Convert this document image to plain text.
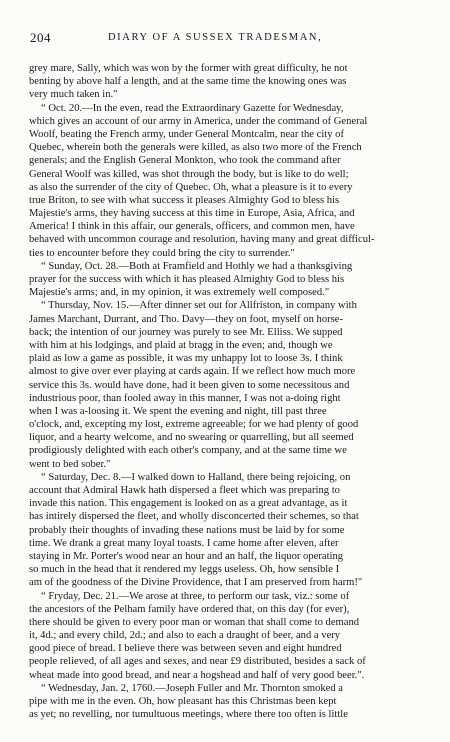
204	DIARY OF A SUSSEX TRADESMAN,
grey mare, Sally, which was won by the former with great difficulty, he not
benting by above half a length, and at the same time the knowing ones was
very much taken in."
“ Oct. 20.—In the even, read the Extraordinary Gazette for Wednesday,
which gives an account of our army in America, under the command of General
Woolf, beating the French army, under General Montcalm, near the city of
Quebec, wherein both the generals were killed, as also two more of the French
generals; and the English General Monkton, who took the command after
General Woolf was killed, was shot through the body, but is like to do well;
as also the surrender of the city of Quebec. Oh, what a pleasure is it to every
true Briton, to see with what success it pleases Almighty God to bless his
Majestie's arms, they having success at this time in Europe, Asia, Africa, and
America! I think in this affair, our generals, officers, and common men, have
behaved with uncommon courage and resolution, having many and great difficul-
ties to encounter before they could bring the city to surrender."
“ Sunday, Oct. 28.—Both at Framfield and Hothly we had a thanksgiving
prayer for the success with which it has pleased Almighty God to bless his
Majestie's arms; and, in my opinion, it was extremely well composed."
“ Thursday, Nov. 15.—After dinner set out for Allfriston, in company with
James Marchant, Durrant, and Tho. Davy—they on foot, myself on horse-
back; the intention of our journey was purely to see Mr. Elliss. We supped
with him at his lodgings, and plaid at bragg in the even; and, though we
plaid as low a game as possible, it was my unhappy lot to loose 3s. I think
almost to give over ever playing at cards again. If we reflect how much more
service this 3s. would have done, had it been given to some necessitous and
industrious poor, than fooled away in this manner, I was not a-doing right
when I was a-loosing it. We spent the evening and night, till past three
o'clock, and, excepting my lost, extreme agreeable; for we had plenty of good
liquor, and a hearty welcome, and no swearing or quarrelling, but all seemed
prodigiously delighted with each other's company, and at the same time we
went to bed sober."
“ Saturday, Dec. 8.—I walked down to Halland, there being rejoicing, on
account that Admiral Hawk hath dispersed a fleet which was preparing to
invade this nation. This engagement is looked on as a great advantage, as it
has intirely dispersed the fleet, and wholly disconcerted their schemes, so that
probably their thoughts of invading these nations must be laid by for some
time. We drank a great many loyal toasts. I came home after eleven, after
staying in Mr. Porter's wood near an hour and an half, the liquor operating
so much in the head that it rendered my leggs useless. Oh, how sensible I
am of the goodness of the Divine Providence, that I am preserved from harm!"
“ Fryday, Dec. 21.—We arose at three, to perform our task, viz.: some of
the ancestors of the Pelham family have ordered that, on this day (for ever),
there should be given to every poor man or woman that shall come to demand
it, 4d.; and every child, 2d.; and also to each a draught of beer, and a very
good piece of bread. I believe there was between seven and eight hundred
people relieved, of all ages and sexes, and near £9 distributed, besides a sack of
wheat made into good bread, and near a hogshead and half of very good beer.".
“ Wednesday, Jan. 2, 1760.—Joseph Fuller and Mr. Thornton smoked a
pipe with me in the even. Oh, how pleasant has this Christmas been kept
as yet; no revelling, nor tumultuous meetings, where there too often is little
